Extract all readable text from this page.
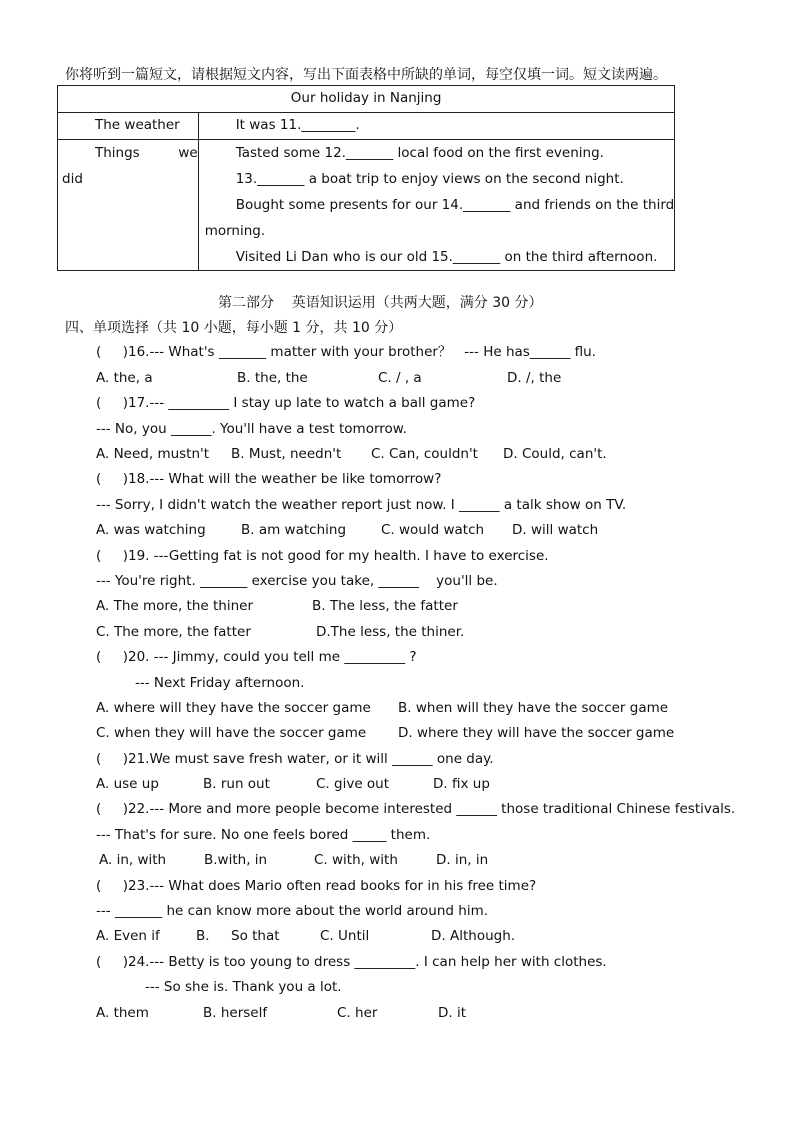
你将听到一篇短文，请根据短文内容，写出下面表格中所缺的单词，每空仅填一词。短文读两遍。
Our holiday in Nanjing	
The weather	It was 11.________.

Things         we
did	Tasted some 12._______ local food on the first evening.
13._______ a boat trip to enjoy views on the second night.
Bought some presents for our 14._______ and friends on the third
morning.
Visited Li Dan who is our old 15._______ on the third afternoon.
第二部分    英语知识运用（共两大题，满分 30 分）
四、单项选择（共 10 小题，每小题 1 分，共 10 分）
(     )16.--- What's _______ matter with your brother？   --- He has______ flu.
A. the, a	B. the, the	C. / , a	D. /, the
(     )17.--- _________ I stay up late to watch a ball game?
--- No, you ______. You'll have a test tomorrow.
A. Need, mustn't B. Must, needn't C. Can, couldn't D. Could, can't.
(     )18.--- What will the weather be like tomorrow?
--- Sorry, I didn't watch the weather report just now. I ______ a talk show on TV.
A. was watching	B. am watching	C. would watch D. will watch
(     )19. ---Getting fat is not good for my health. I have to exercise.
--- You're right. _______ exercise you take, ______    you'll be.
A. The more, the thiner	B. The less, the fatter
C. The more, the fatter	D.The less, the thiner.
(     )20. --- Jimmy, could you tell me _________ ?
--- Next Friday afternoon.
A. where will they have the soccer game B. when will they have the soccer game
C. when they will have the soccer game D. where they will have the soccer game
(     )21.We must save fresh water, or it will ______ one day.
A. use up	B. run out	C. give out	D. fix up
(     )22.--- More and more people become interested ______ those traditional Chinese festivals.
--- That's for sure. No one feels bored _____ them.
A. in, with	B.with, in	C. with, with	D. in, in
(     )23.--- What does Mario often read books for in his free time?
--- _______ he can know more about the world around him.
A. Even if	B.     So that	C. Until	D. Although.
(     )24.--- Betty is too young to dress _________. I can help her with clothes.
--- So she is. Thank you a lot.
A. them	B. herself	C. her	D. it
